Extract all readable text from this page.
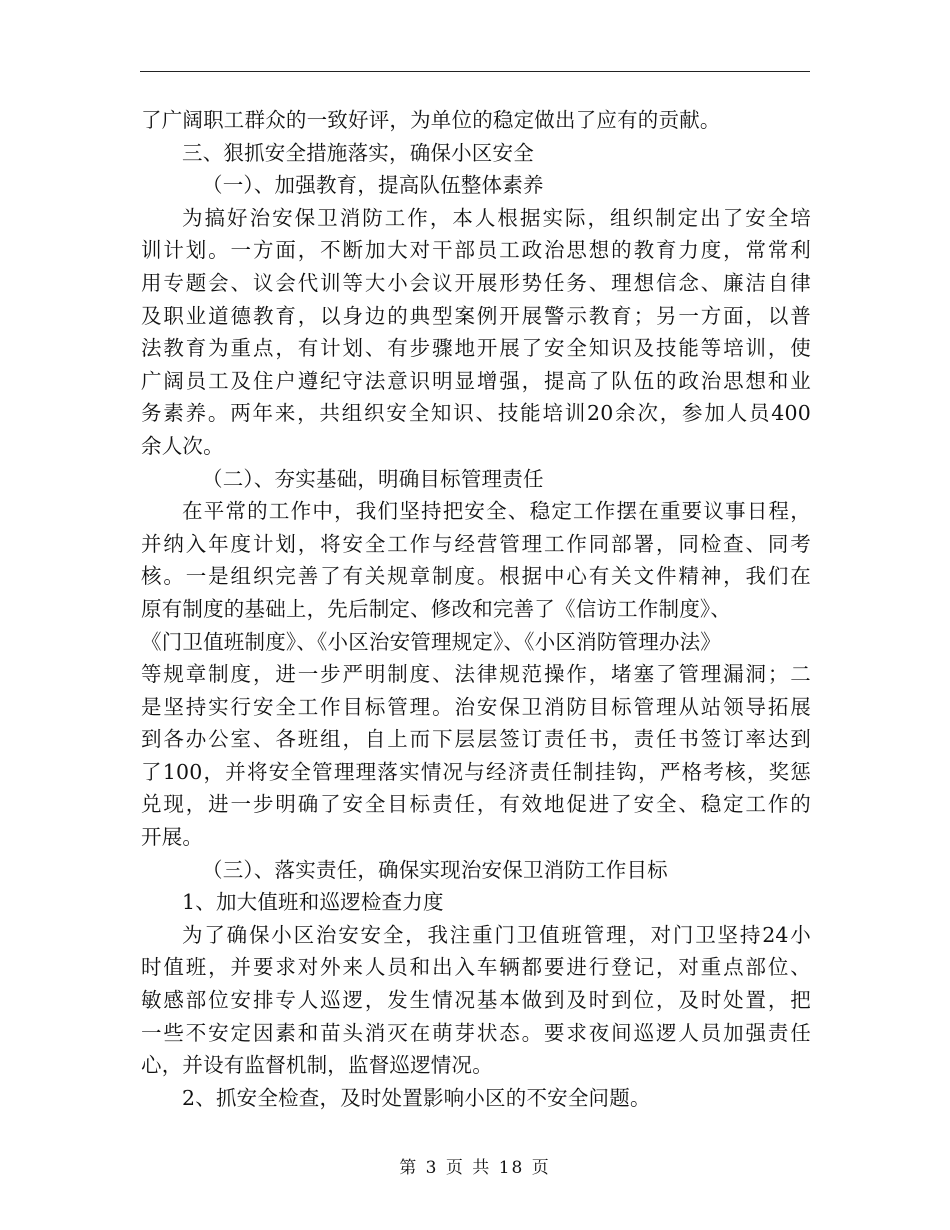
了广阔职工群众的一致好评，为单位的稳定做出了应有的贡献。
三、狠抓安全措施落实，确保小区安全
（一）、加强教育，提高队伍整体素养
为搞好治安保卫消防工作，本人根据实际，组织制定出了安全培
训计划。一方面，不断加大对干部员工政治思想的教育力度，常常利
用专题会、议会代训等大小会议开展形势任务、理想信念、廉洁自律
及职业道德教育，以身边的典型案例开展警示教育；另一方面，以普
法教育为重点，有计划、有步骤地开展了安全知识及技能等培训，使
广阔员工及住户遵纪守法意识明显增强，提高了队伍的政治思想和业
务素养。两年来，共组织安全知识、技能培训20余次，参加人员400
余人次。
（二）、夯实基础，明确目标管理责任
在平常的工作中，我们坚持把安全、稳定工作摆在重要议事日程，
并纳入年度计划，将安全工作与经营管理工作同部署，同检查、同考
核。一是组织完善了有关规章制度。根据中心有关文件精神，我们在
原有制度的基础上，先后制定、修改和完善了《信访工作制度》、
《门卫值班制度》、《小区治安管理规定》、《小区消防管理办法》
等规章制度，进一步严明制度、法律规范操作，堵塞了管理漏洞；二
是坚持实行安全工作目标管理。治安保卫消防目标管理从站领导拓展
到各办公室、各班组，自上而下层层签订责任书，责任书签订率达到
了100，并将安全管理理落实情况与经济责任制挂钩，严格考核，奖惩
兑现，进一步明确了安全目标责任，有效地促进了安全、稳定工作的
开展。
（三）、落实责任，确保实现治安保卫消防工作目标
1、加大值班和巡逻检查力度
为了确保小区治安安全，我注重门卫值班管理，对门卫坚持24小
时值班，并要求对外来人员和出入车辆都要进行登记，对重点部位、
敏感部位安排专人巡逻，发生情况基本做到及时到位，及时处置，把
一些不安定因素和苗头消灭在萌芽状态。要求夜间巡逻人员加强责任
心，并设有监督机制，监督巡逻情况。
2、抓安全检查，及时处置影响小区的不安全问题。
第 3 页 共 18 页
